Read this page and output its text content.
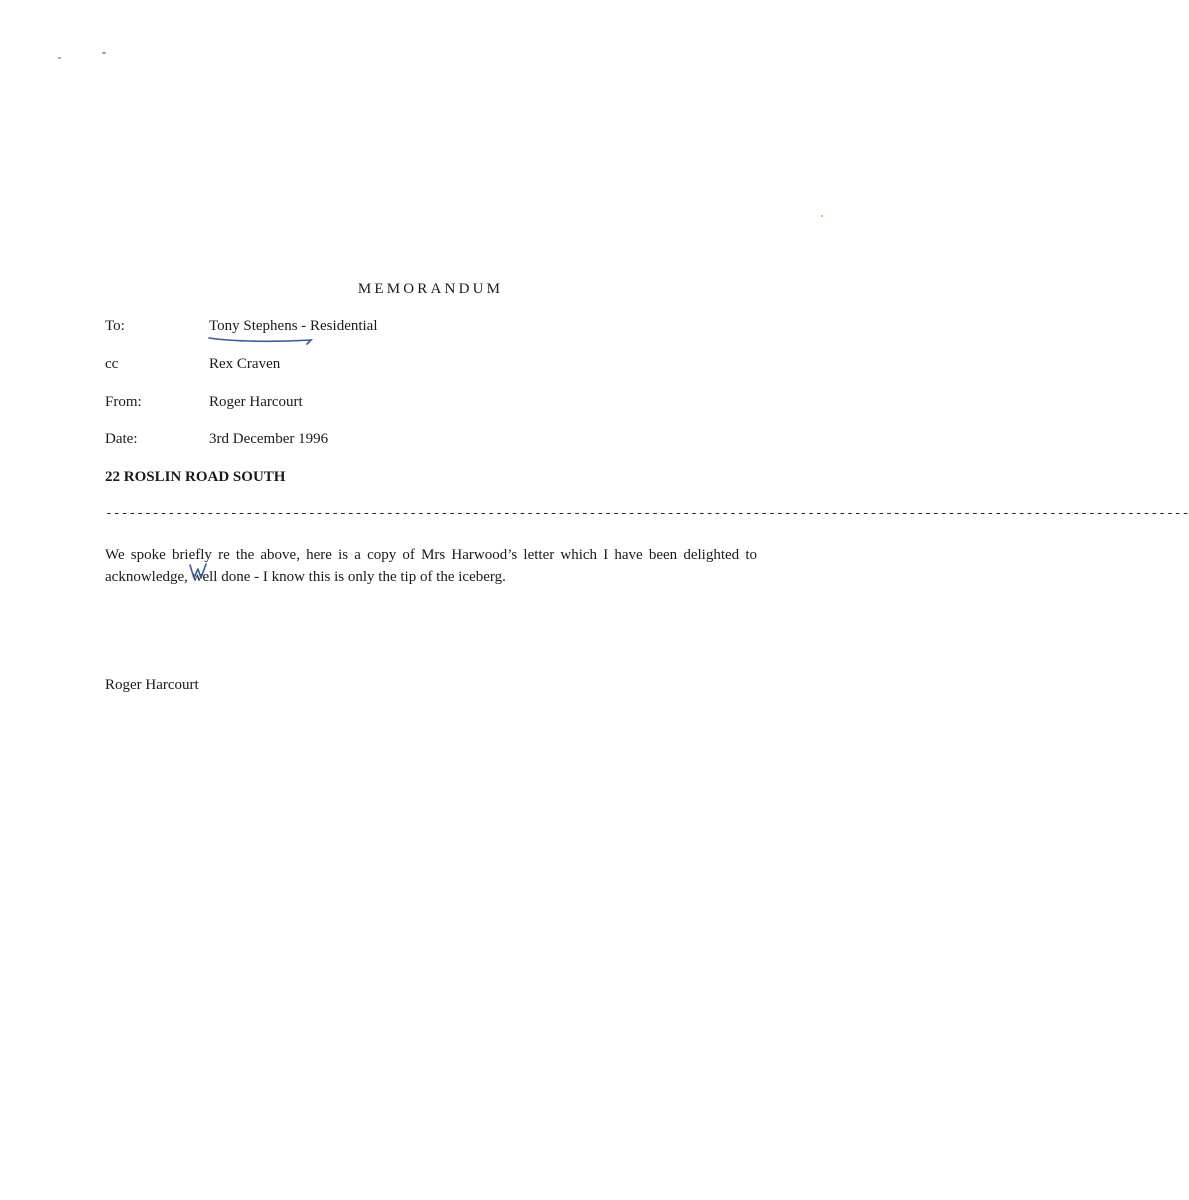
MEMORANDUM
To:	Tony Stephens - Residential
cc	Rex Craven
From:	Roger Harcourt
Date:	3rd December 1996
22 ROSLIN ROAD SOUTH
-------------------------------------------------------------------------------------------------------------------------------------------
We spoke briefly re the above, here is a copy of Mrs Harwood’s letter which I have been delighted to acknowledge, well done - I know this is only the tip of the iceberg.
Roger Harcourt
